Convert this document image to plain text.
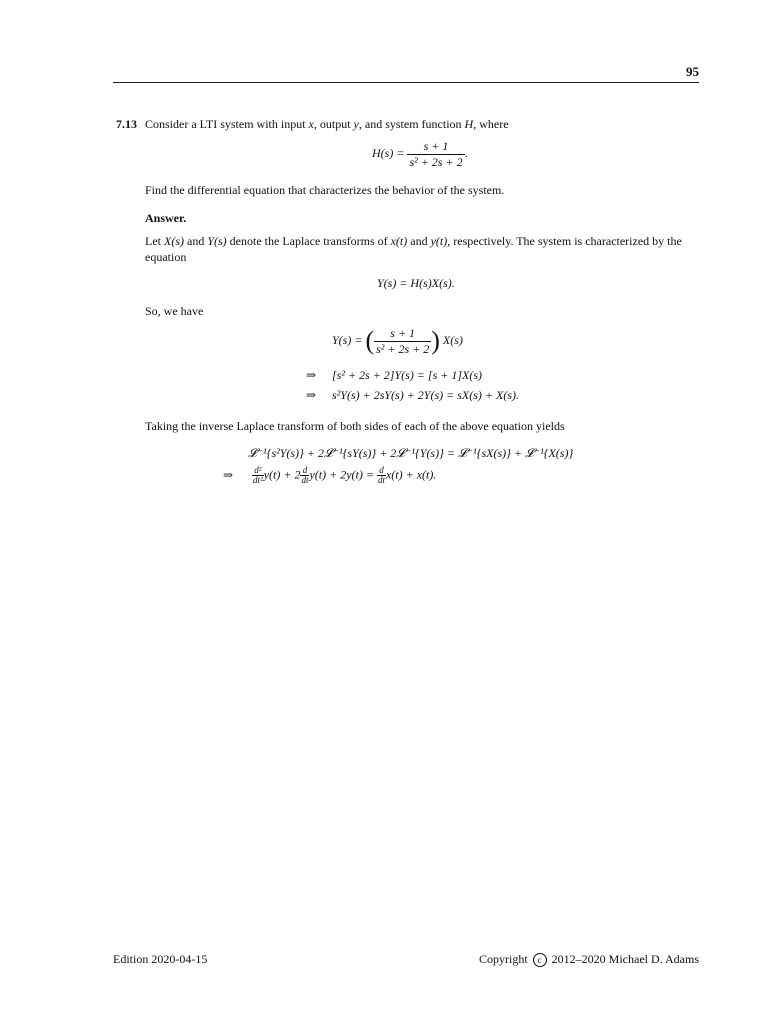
95
7.13 Consider a LTI system with input x, output y, and system function H, where
$H(s) = \frac{s + 1}{\text{s² + 2s + 2}}$ .
Find the differential equation that characterizes the behavior of the system.
Answer.
Let X(s) and Y(s) denote the Laplace transforms of x(t) and y(t), respectively. The system is characterized by the equation
Y(s) = H(s)X(s).
So, we have
Y(s) = ( $\frac{s + 1}{\text{s² + 2s + 2}}$ ) X(s)
⇒ [s² + 2s + 2]Y(s) = [s + 1]X(s)
⇒ s²Y(s) + 2sY(s) + 2Y(s) = sX(s) + X(s).
Taking the inverse Laplace transform of both sides of each of the above equation yields
𝓛⁻¹{s²Y(s)} + 2𝓛⁻¹{sY(s)} + 2𝓛⁻¹{Y(s)} = 𝓛⁻¹{sX(s)} + 𝓛⁻¹{X(s)}
⇒ $\frac{\text{d²}}{\text{dt²}} y(t) + 2 \frac{d}{dt} y(t) + 2y(t) = \frac{d}{dt} x(t) + x(t)$.
Edition 2020-04-15	Copyright c 2012–2020 Michael D. Adams
